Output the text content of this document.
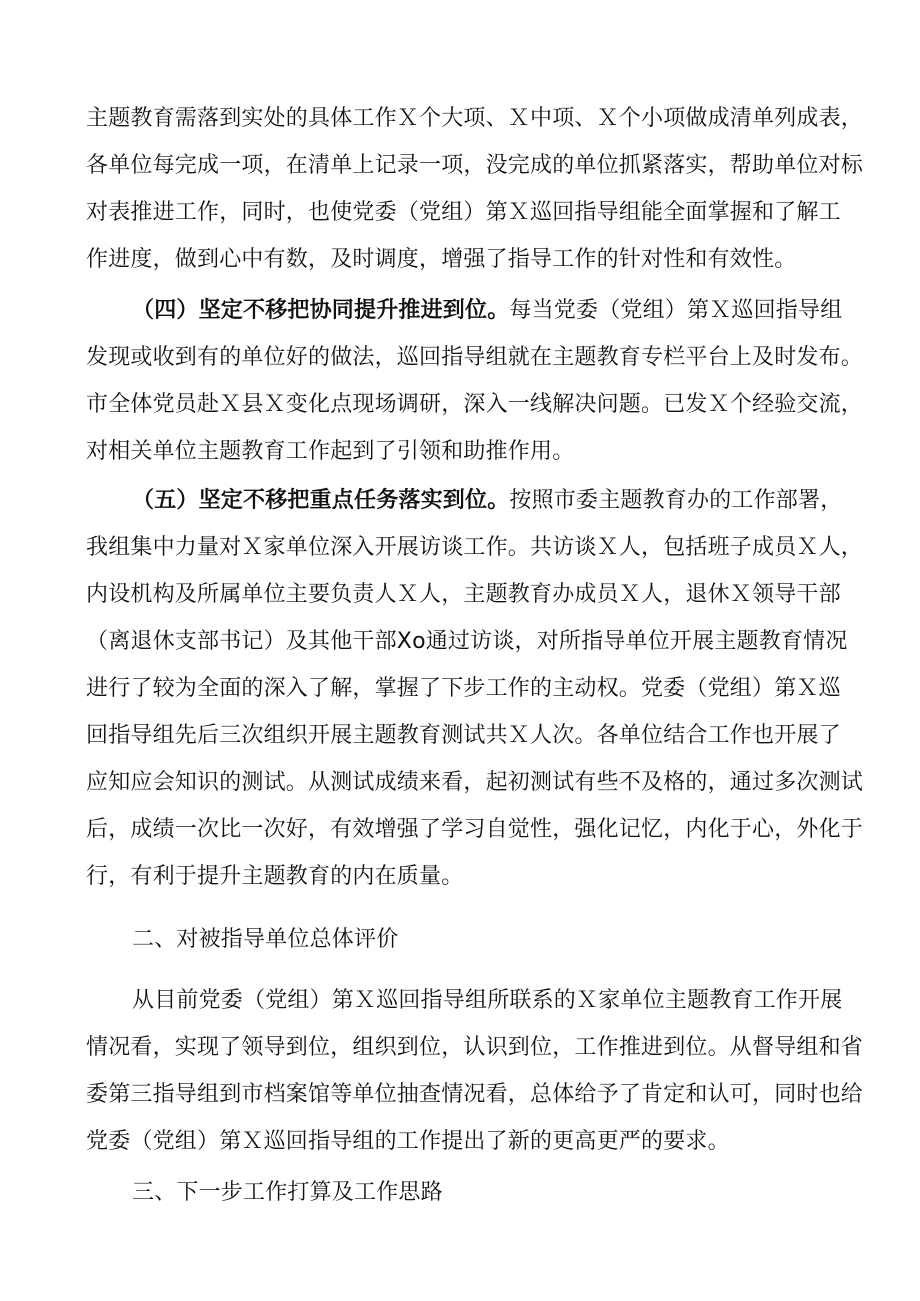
主题教育需落到实处的具体工作Ｘ个大项、Ｘ中项、Ｘ个小项做成清单列成表，
各单位每完成一项，在清单上记录一项，没完成的单位抓紧落实，帮助单位对标
对表推进工作，同时，也使党委（党组）第Ｘ巡回指导组能全面掌握和了解工
作进度，做到心中有数，及时调度，增强了指导工作的针对性和有效性。
（四）坚定不移把协同提升推进到位。每当党委（党组）第Ｘ巡回指导组
发现或收到有的单位好的做法，巡回指导组就在主题教育专栏平台上及时发布。
市全体党员赴Ｘ县Ｘ变化点现场调研，深入一线解决问题。已发Ｘ个经验交流，
对相关单位主题教育工作起到了引领和助推作用。
（五）坚定不移把重点任务落实到位。按照市委主题教育办的工作部署，
我组集中力量对Ｘ家单位深入开展访谈工作。共访谈Ｘ人，包括班子成员Ｘ人，
内设机构及所属单位主要负责人Ｘ人，主题教育办成员Ｘ人，退休Ｘ领导干部
（离退休支部书记）及其他干部Xo通过访谈，对所指导单位开展主题教育情况
进行了较为全面的深入了解，掌握了下步工作的主动权。党委（党组）第Ｘ巡
回指导组先后三次组织开展主题教育测试共Ｘ人次。各单位结合工作也开展了
应知应会知识的测试。从测试成绩来看，起初测试有些不及格的，通过多次测试
后，成绩一次比一次好，有效增强了学习自觉性，强化记忆，内化于心，外化于
行，有利于提升主题教育的内在质量。
二、对被指导单位总体评价
从目前党委（党组）第Ｘ巡回指导组所联系的Ｘ家单位主题教育工作开展
情况看，实现了领导到位，组织到位，认识到位，工作推进到位。从督导组和省
委第三指导组到市档案馆等单位抽查情况看，总体给予了肯定和认可，同时也给
党委（党组）第Ｘ巡回指导组的工作提出了新的更高更严的要求。
三、下一步工作打算及工作思路
